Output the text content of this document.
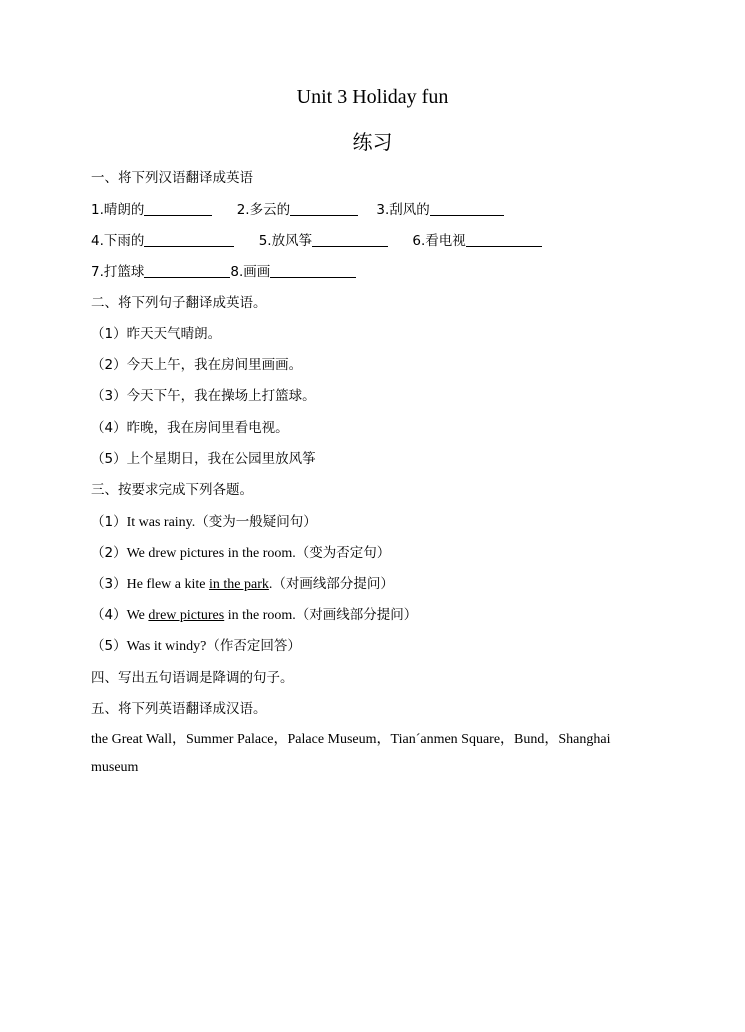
Unit 3 Holiday fun
练习
一、将下列汉语翻译成英语
1.晴朗的	2.多云的	3.刮风的
4.下雨的	5.放风筝	6.看电视
7.打篮球	8.画画
二、将下列句子翻译成英语。
（1）昨天天气晴朗。
（2）今天上午，我在房间里画画。
（3）今天下午，我在操场上打篮球。
（4）昨晚，我在房间里看电视。
（5）上个星期日，我在公园里放风筝
三、按要求完成下列各题。
（1）It was rainy.（变为一般疑问句）
（2）We drew pictures in the room.（变为否定句）
（3）He flew a kite in the park.（对画线部分提问）
（4）We drew pictures in the room.（对画线部分提问）
（5）Was it windy?（作否定回答）
四、写出五句语调是降调的句子。
五、将下列英语翻译成汉语。
the Great Wall，Summer Palace，Palace Museum，Tian´anmen Square，Bund，Shanghai
museum
